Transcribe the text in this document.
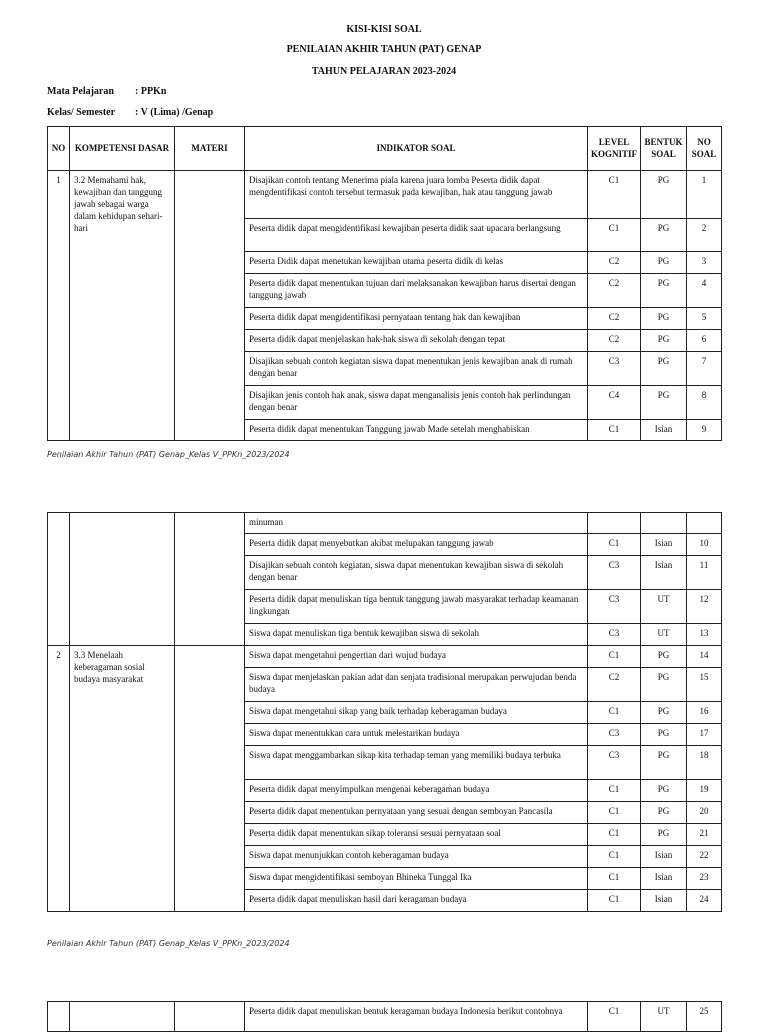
KISI-KISI SOAL
PENILAIAN AKHIR TAHUN (PAT) GENAP
TAHUN PELAJARAN 2023-2024
Mata Pelajaran : PPKn
Kelas/ Semester : V (Lima) /Genap
NO	KOMPETENSI DASAR	MATERI	INDIKATOR SOAL	LEVEL KOGNITIF	BENTUK SOAL	NO SOAL
1	3.2 Memahami hak, kewajiban dan tanggung jawab sebagai warga dalam kehidupan sehari-hari		Disajikan contoh tentang Menerima piala karena juara lomba Peserta didik dapat mengdentifikasi contoh tersebut termasuk pada kewajiban, hak atau tanggung jawab	C1	PG	1
			Peserta didik dapat mengidentifikasi kewajiban peserta didik saat upacara berlangsung	C1	PG	2
			Peserta Didik dapat menetukan kewajiban utama peserta didik di kelas	C2	PG	3
			Peserta didik dapat menentukan tujuan dari melaksanakan kewajiban harus disertai dengan tanggung jawab	C2	PG	4
			Peserta didik dapat mengidentifikasi pernyataan tentang hak dan kewajiban	C2	PG	5
			Peserta didik dapat menjelaskan hak-hak siswa di sekolah dengan tepat	C2	PG	6
			Disajikan sebuah contoh kegiatan siswa dapat menentukan jenis kewajiban anak di rumah dengan benar	C3	PG	7
			Disajikan jenis contoh hak anak, siswa dapat menganalisis jenis contoh hak perlindungan dengan benar	C4	PG	8
			Peserta didik dapat menentukan Tanggung jawab Made setelah menghabiskan	C1	Isian	9
Penilaian Akhir Tahun (PAT) Genap_Kelas V_PPKn_2023/2024
			minuman			
			Peserta didik dapat menyebutkan akibat melupakan tanggung jawab	C1	Isian	10
			Disajikan sebuah contoh kegiatan, siswa dapat menentukan kewajiban siswa di sekolah dengan benar	C3	Isian	11
			Peserta didik dapat menuliskan tiga bentuk tanggung jawab masyarakat terhadap keamanan lingkungan	C3	UT	12
			Siswa dapat menuliskan tiga bentuk kewajiban siswa di sekolah	C3	UT	13
2	3.3 Menelaah keberagaman sosial budaya masyarakat		Siswa dapat mengetahui pengertian dari wujud budaya	C1	PG	14
			Siswa dapat menjelaskan pakian adat dan senjata tradisional merupakan perwujudan benda budaya	C2	PG	15
			Siswa dapat mengetahui sikap yang baik terhadap keberagaman budaya	C1	PG	16
			Siswa dapat menentukkan cara untuk melestarikan budaya	C3	PG	17
			Siswa dapat menggambarkan sikap kita terhadap teman yang memiliki budaya terbuka	C3	PG	18
			Peserta didik dapat menyimpulkan mengenai keberagaman budaya	C1	PG	19
			Peserta didik dapat menentukan pernyataan yang sesuai dengan semboyan Pancasila	C1	PG	20
			Peserta didik dapat menentukan sikap toleransi sesuai pernyataan soal	C1	PG	21
			Siswa dapat menunjukkan contoh keberagaman budaya	C1	Isian	22
			Siswa dapat mengidentifikasi semboyan Bhineka Tunggal Ika	C1	Isian	23
			Peserta didik dapat menuliskan hasil dari keragaman budaya	C1	Isian	24
Penilaian Akhir Tahun (PAT) Genap_Kelas V_PPKn_2023/2024
			Peserta didik dapat menuliskan bentuk keragaman budaya Indonesia berikut contohnya	C1	UT	25
